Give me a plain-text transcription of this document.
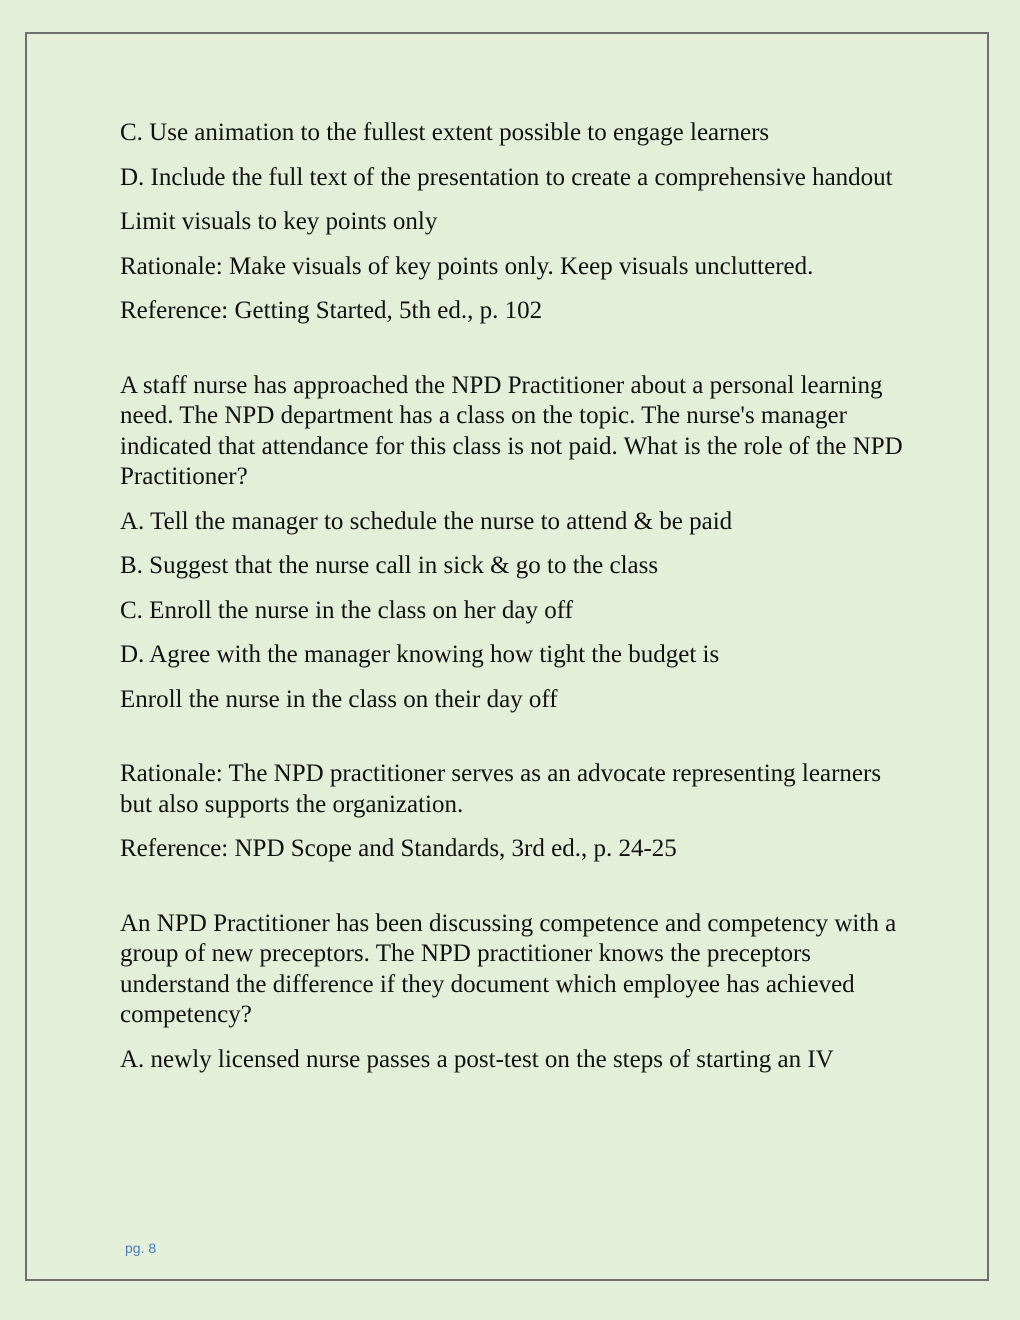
C. Use animation to the fullest extent possible to engage learners

D. Include the full text of the presentation to create a comprehensive handout

Limit visuals to key points only

Rationale: Make visuals of key points only. Keep visuals uncluttered.

Reference: Getting Started, 5th ed., p. 102

A staff nurse has approached the NPD Practitioner about a personal learning need. The NPD department has a class on the topic. The nurse's manager indicated that attendance for this class is not paid. What is the role of the NPD Practitioner?

A. Tell the manager to schedule the nurse to attend & be paid

B. Suggest that the nurse call in sick & go to the class

C. Enroll the nurse in the class on her day off

D. Agree with the manager knowing how tight the budget is

Enroll the nurse in the class on their day off

Rationale: The NPD practitioner serves as an advocate representing learners but also supports the organization.

Reference: NPD Scope and Standards, 3rd ed., p. 24-25

An NPD Practitioner has been discussing competence and competency with a group of new preceptors. The NPD practitioner knows the preceptors understand the difference if they document which employee has achieved competency?

A. newly licensed nurse passes a post-test on the steps of starting an IV

pg. 8
